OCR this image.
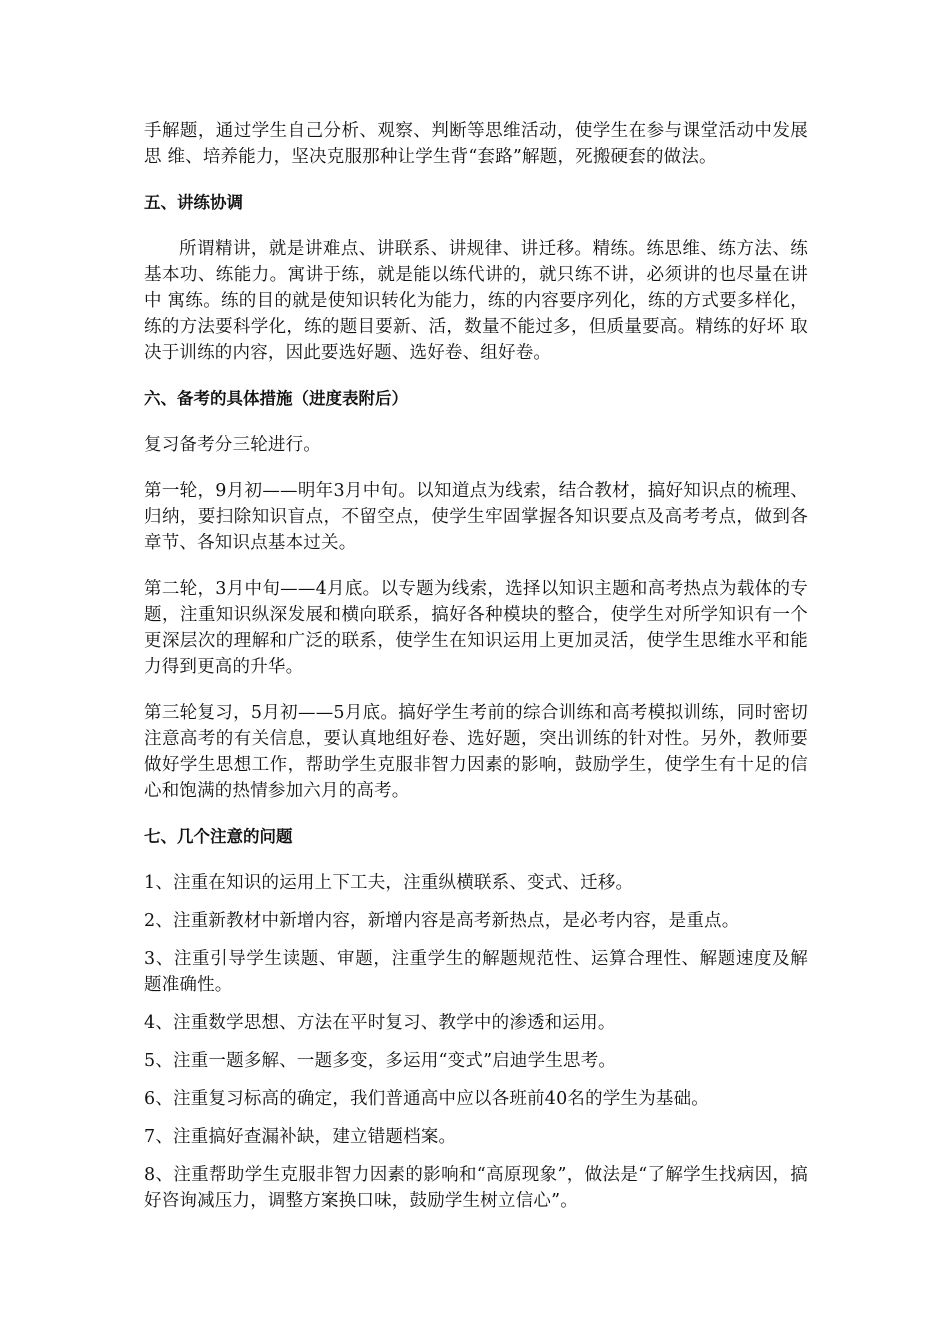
手解题，通过学生自己分析、观察、判断等思维活动，使学生在参与课堂活动中发展思 维、培养能力，坚决克服那种让学生背“套路”解题，死搬硬套的做法。

五、讲练协调

所谓精讲，就是讲难点、讲联系、讲规律、讲迁移。精练。练思维、练方法、练基本功、练能力。寓讲于练，就是能以练代讲的，就只练不讲，必须讲的也尽量在讲中 寓练。练的目的就是使知识转化为能力，练的内容要序列化，练的方式要多样化，练的方法要科学化，练的题目要新、活，数量不能过多，但质量要高。精练的好坏 取决于训练的内容，因此要选好题、选好卷、组好卷。

六、备考的具体措施（进度表附后）

复习备考分三轮进行。

第一轮，9月初——明年3月中旬。以知道点为线索，结合教材，搞好知识点的梳理、归纳，要扫除知识盲点，不留空点，使学生牢固掌握各知识要点及高考考点，做到各章节、各知识点基本过关。

第二轮，3月中旬——4月底。以专题为线索，选择以知识主题和高考热点为载体的专题，注重知识纵深发展和横向联系，搞好各种模块的整合，使学生对所学知识有一个更深层次的理解和广泛的联系，使学生在知识运用上更加灵活，使学生思维水平和能力得到更高的升华。

第三轮复习，5月初——5月底。搞好学生考前的综合训练和高考模拟训练，同时密切注意高考的有关信息，要认真地组好卷、选好题，突出训练的针对性。另外，教师要做好学生思想工作，帮助学生克服非智力因素的影响，鼓励学生，使学生有十足的信心和饱满的热情参加六月的高考。

七、几个注意的问题

1、注重在知识的运用上下工夫，注重纵横联系、变式、迁移。

2、注重新教材中新增内容，新增内容是高考新热点，是必考内容，是重点。

3、注重引导学生读题、审题，注重学生的解题规范性、运算合理性、解题速度及解题准确性。

4、注重数学思想、方法在平时复习、教学中的渗透和运用。

5、注重一题多解、一题多变，多运用“变式”启迪学生思考。

6、注重复习标高的确定，我们普通高中应以各班前40名的学生为基础。

7、注重搞好查漏补缺，建立错题档案。

8、注重帮助学生克服非智力因素的影响和“高原现象”，做法是“了解学生找病因，搞好咨询减压力，调整方案换口味，鼓励学生树立信心”。
